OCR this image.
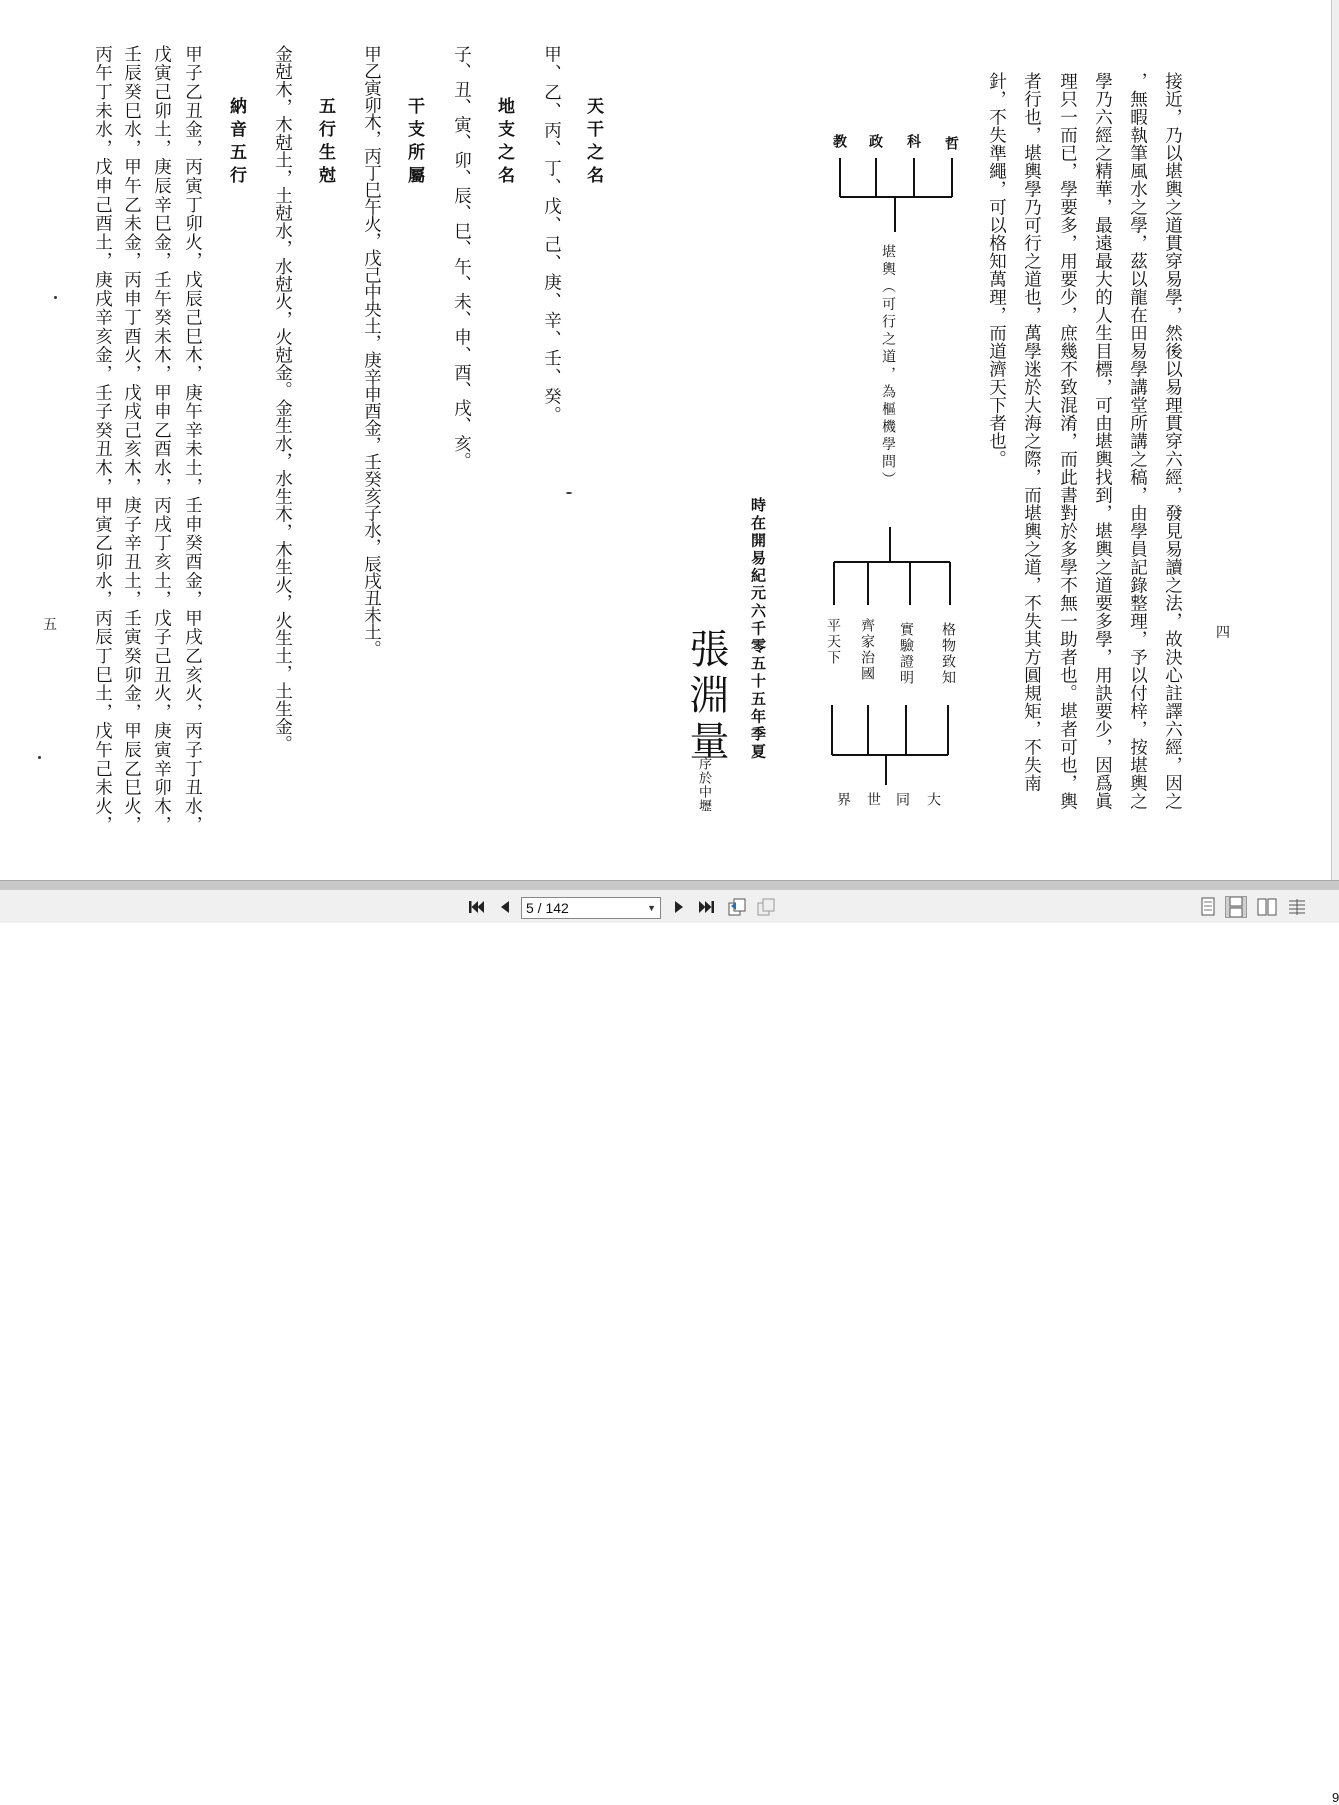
接近，乃以堪輿之道貫穿易學，然後以易理貫穿六經，發見易讀之法，故決心註譯六經，因之
，無暇執筆風水之學，茲以龍在田易學講堂所講之稿，由學員記錄整理，予以付梓，按堪輿之
學乃六經之精華，最遠最大的人生目標，可由堪輿找到，堪輿之道要多學，用訣要少，因爲眞
理只一而已，學要多，用要少，庶幾不致混淆，而此書對於多學不無一助者也。堪者可也，輿
者行也，堪輿學乃可行之道也，萬學迷於大海之際，而堪輿之道，不失其方圓規矩，不失南
針，不失準繩，可以格知萬理，而道濟天下者也。
四
哲
科
政
教
堪輿（可行之道，為樞機學問）
格物致知
實驗證明
齊家治國
平天下
大
同
世
界
時在開易紀元六千零五十五年季夏
張淵量
序於中壢
天干之名
甲、乙、丙、丁、戊、己、庚、辛、壬、癸。
地支之名
子、丑、寅、卯、辰、巳、午、未、申、酉、戌、亥。
干支所屬
甲乙寅卯木，丙丁巳午火，戊己中央土，庚辛申酉金，壬癸亥子水，辰戌丑未土。
五行生尅
金尅木，木尅土，土尅水，水尅火，火尅金。金生水，水生木，木生火，火生土，土生金。
納音五行
甲子乙丑金，丙寅丁卯火，戊辰己巳木，庚午辛未土，壬申癸酉金，甲戌乙亥火，丙子丁丑水，
戊寅己卯土，庚辰辛巳金，壬午癸未木，甲申乙酉水，丙戌丁亥土，戊子己丑火，庚寅辛卯木，
壬辰癸巳水，甲午乙未金，丙申丁酉火，戊戌己亥木，庚子辛丑土，壬寅癸卯金，甲辰乙巳火，
丙午丁未水，戊申己酉土，庚戌辛亥金，壬子癸丑木，甲寅乙卯水，丙辰丁巳土，戊午己未火，
五
9
5 / 142	▼
